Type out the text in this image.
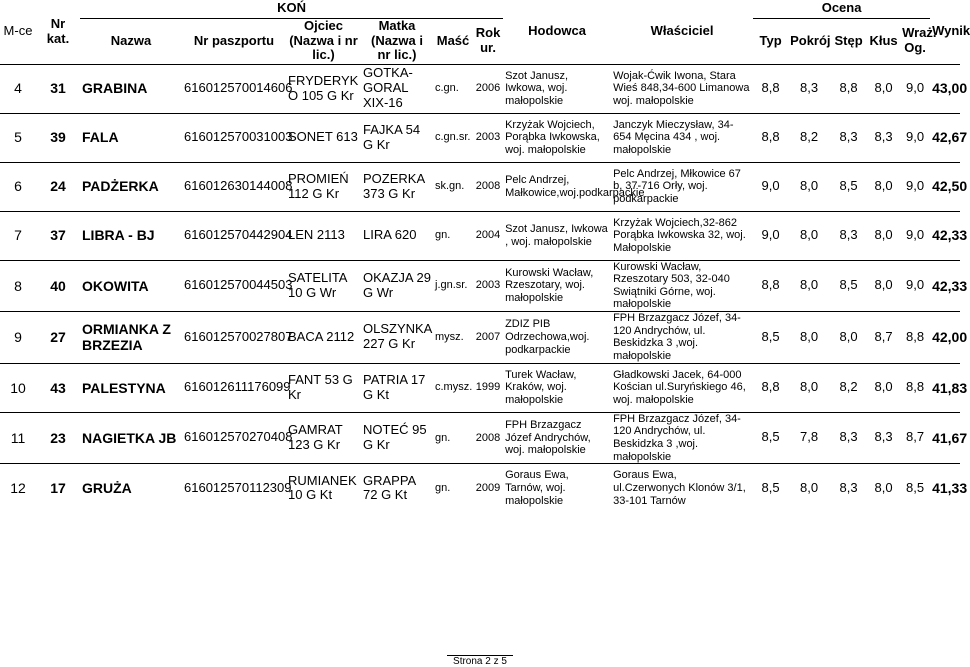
M-ce	Nr kat.	KOŃ						Hodowca	Właściciel	Ocena					Wynik
		Nazwa	Nr paszportu	Ojciec (Nazwa i nr lic.)	Matka (Nazwa i nr lic.)	Maść	Rok ur.			Typ	Pokrój	Stęp	Kłus	Wraż. Og.	

4	31	GRABINA	616012570014606	FRYDERYK O 105 G Kr	GOTKA-GORAL XIX-16	c.gn.	2006	Szot Janusz, Iwkowa, woj. małopolskie	Wojak-Ćwik Iwona, Stara Wieś 848,34-600 Limanowa woj. małopolskie	8,8	8,3	8,8	8,0	9,0	43,00
5	39	FALA	616012570031003	SONET 613	FAJKA 54 G Kr	c.gn.sr.	2003	Krzyżak Wojciech, Porąbka Iwkowska, woj. małopolskie	Janczyk Mieczysław, 34-654 Męcina 434 , woj. małopolskie	8,8	8,2	8,3	8,3	9,0	42,67
6	24	PADŻERKA	616012630144008	PROMIEŃ 112 G Kr	POZERKA 373 G Kr	sk.gn.	2008	Pelc Andrzej, Małkowice,woj.podkarpackie	Pelc Andrzej, Młkowice 67 b, 37-716 Orły, woj. podkarpackie	9,0	8,0	8,5	8,0	9,0	42,50
7	37	LIBRA - BJ	616012570442904	LEN 2113	LIRA 620	gn.	2004	Szot Janusz, Iwkowa , woj. małopolskie	Krzyżak Wojciech,32-862 Porąbka Iwkowska 32, woj. Małopolskie	9,0	8,0	8,3	8,0	9,0	42,33
8	40	OKOWITA	616012570044503	SATELITA 10 G Wr	OKAZJA 29 G Wr	j.gn.sr.	2003	Kurowski Wacław, Rzeszotary, woj. małopolskie	Kurowski Wacław, Rzeszotary 503, 32-040 Swiątniki Górne, woj. małopolskie	8,8	8,0	8,5	8,0	9,0	42,33
9	27	ORMIANKA Z BRZEZIA	616012570027807	BACA 2112	OLSZYNKA 227 G Kr	mysz.	2007	ZDIZ PIB Odrzechowa,woj. podkarpackie	FPH Brzazgacz Józef, 34-120 Andrychów, ul. Beskidzka 3 ,woj. małopolskie	8,5	8,0	8,0	8,7	8,8	42,00
10	43	PALESTYNA	616012611176099	FANT 53 G Kr	PATRIA 17 G Kt	c.mysz.	1999	Turek Wacław, Kraków, woj. małopolskie	Gładkowski Jacek, 64-000 Kościan ul.Suryńskiego 46, woj. małopolskie	8,8	8,0	8,2	8,0	8,8	41,83
11	23	NAGIETKA JB	616012570270408	GAMRAT 123 G Kr	NOTEĆ 95 G Kr	gn.	2008	FPH Brzazgacz Józef Andrychów, woj. małopolskie	FPH Brzazgacz Józef, 34-120 Andrychów, ul. Beskidzka 3 ,woj. małopolskie	8,5	7,8	8,3	8,3	8,7	41,67
12	17	GRUŻA	616012570112309	RUMIANEK 10 G Kt	GRAPPA 72 G Kt	gn.	2009	Goraus Ewa, Tarnów, woj. małopolskie	Goraus Ewa, ul.Czerwonych Klonów 3/1, 33-101 Tarnów	8,5	8,0	8,3	8,0	8,5	41,33
Strona 2 z 5
